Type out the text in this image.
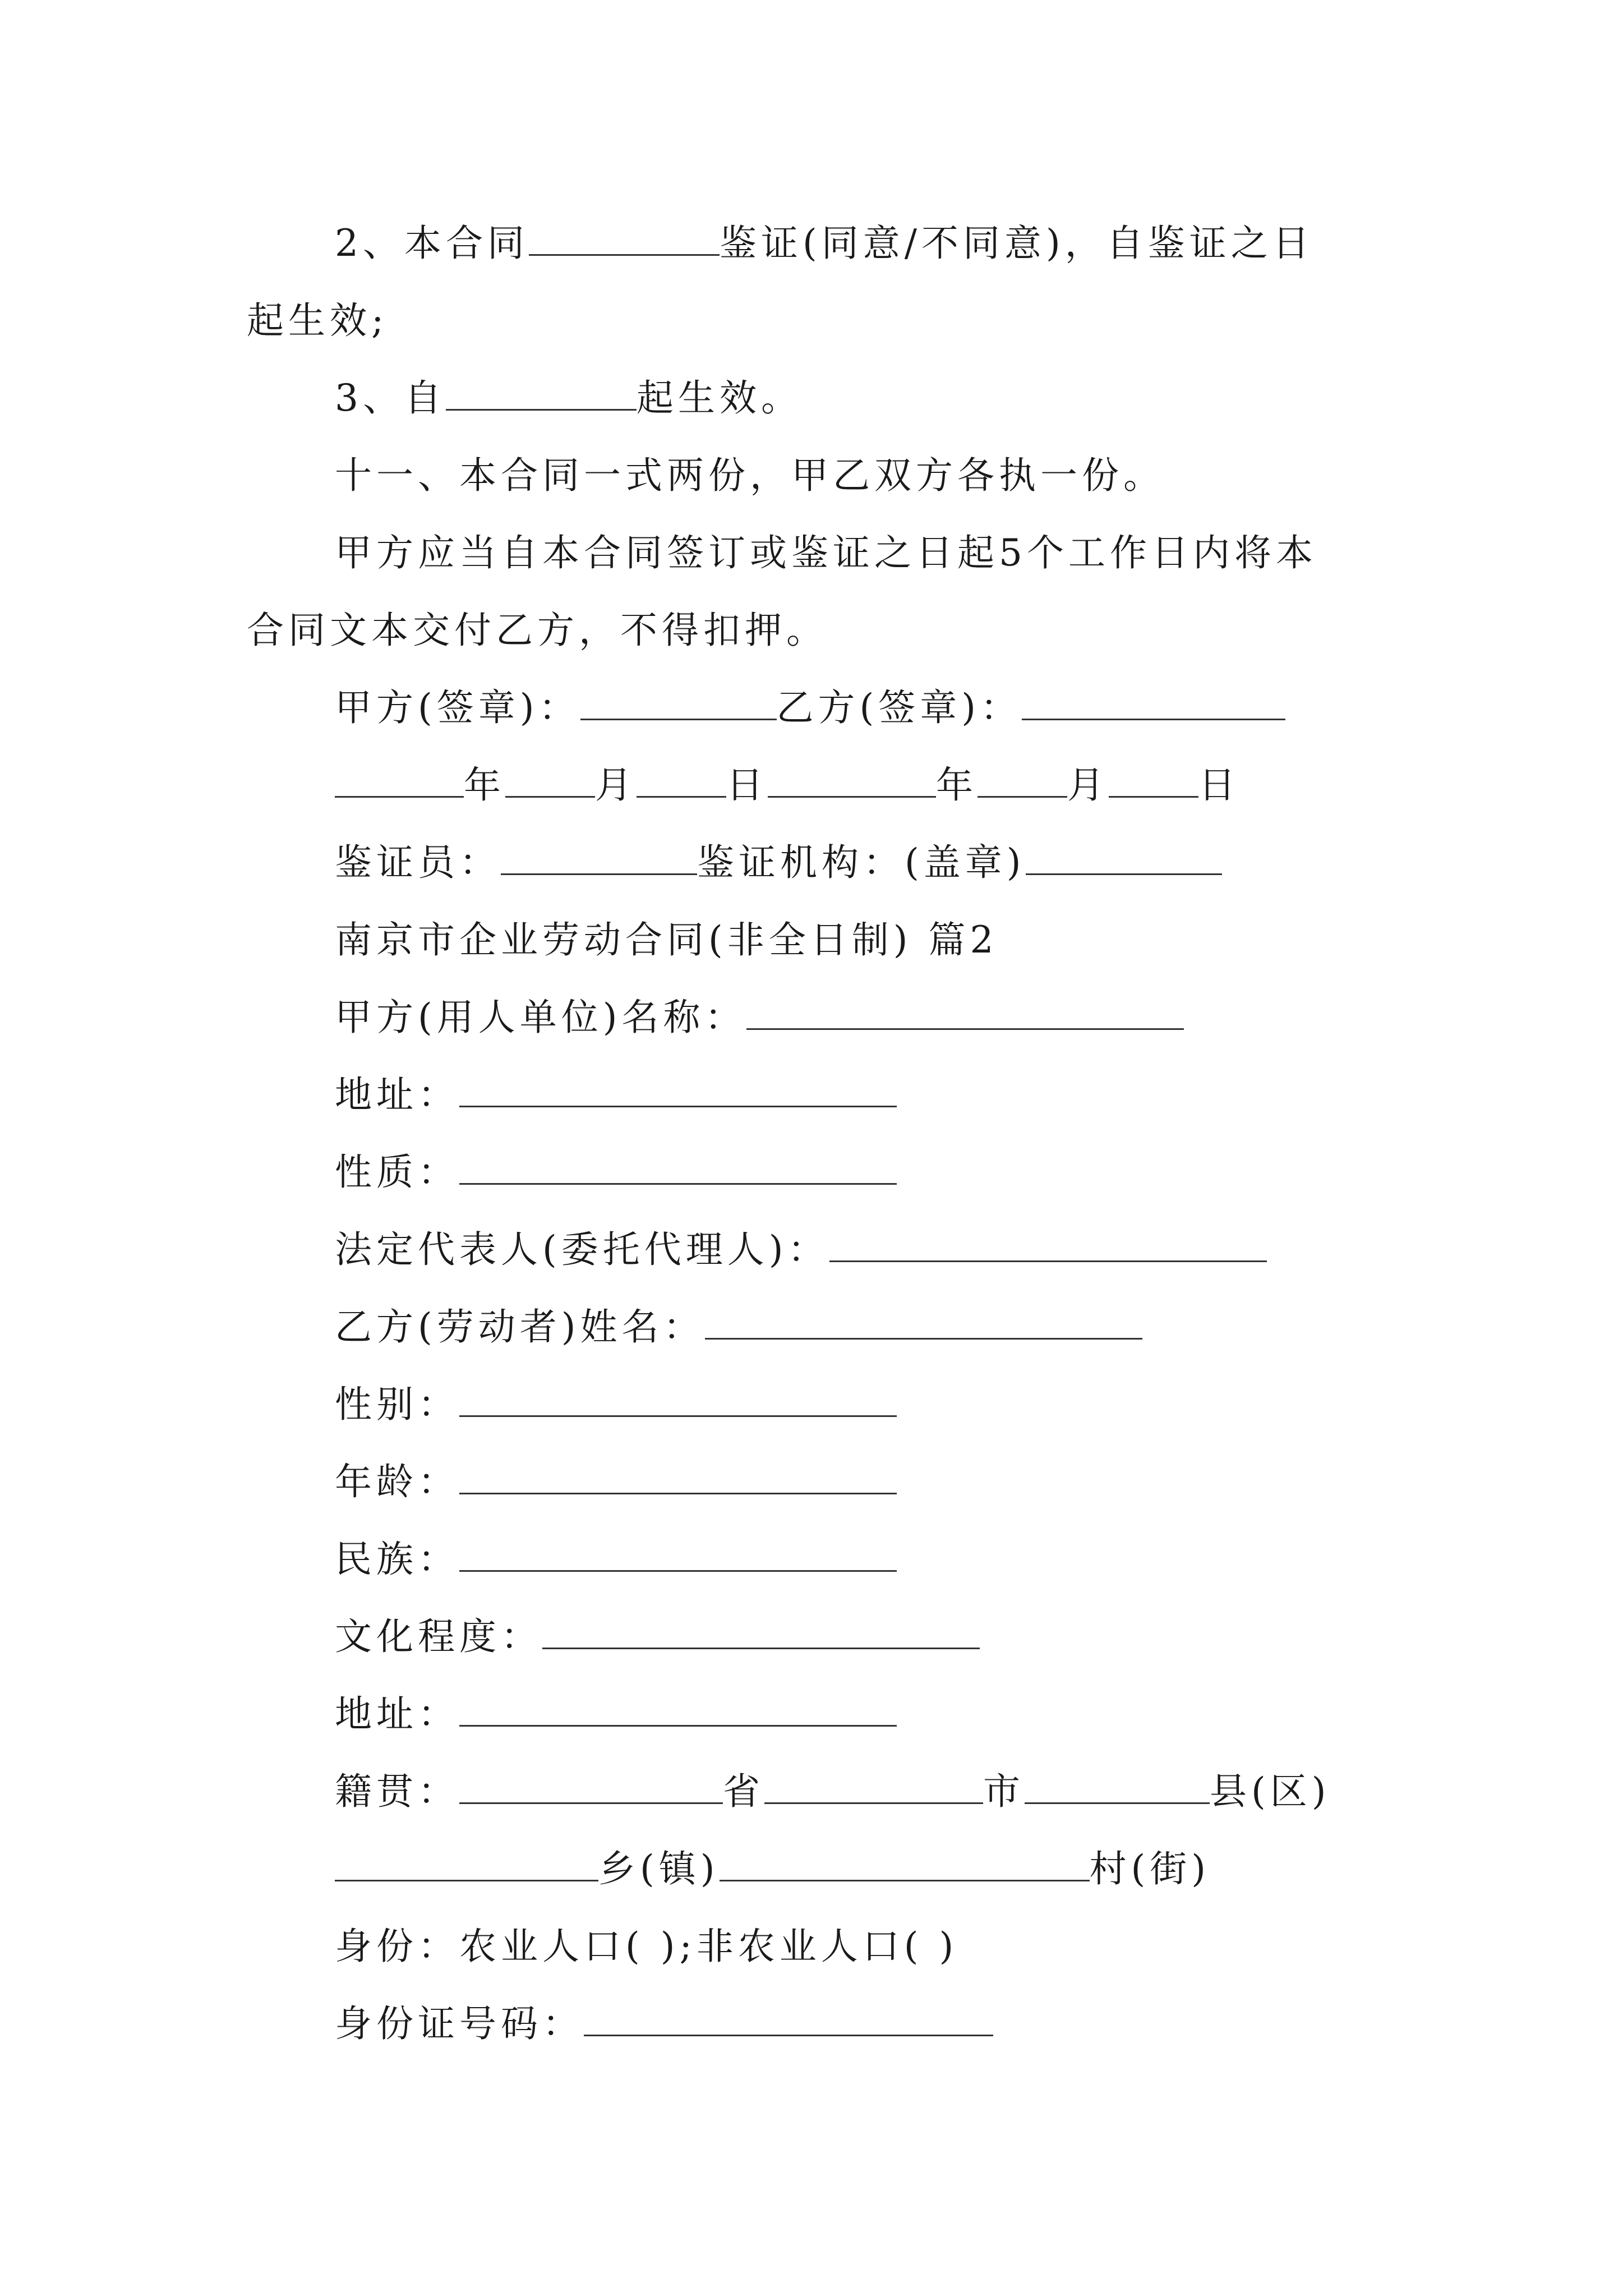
2、本合同	鉴证(同意/不同意)，自鉴证之日
起生效;
3、自	起生效。
十一、本合同一式两份，甲乙双方各执一份。
甲方应当自本合同签订或鉴证之日起5个工作日内将本
合同文本交付乙方，不得扣押。
甲方(签章)：	乙方(签章)：
年 月 日	年 月 日
鉴证员：	鉴证机构：(盖章)
南京市企业劳动合同(非全日制) 篇2
甲方(用人单位)名称：
地址：
性质：
法定代表人(委托代理人)：
乙方(劳动者)姓名：
性别：
年龄：
民族：
文化程度：
地址：
籍贯：	省	市	县(区)
乡(镇)	村(街)
身份：农业人口( );非农业人口( )
身份证号码：
